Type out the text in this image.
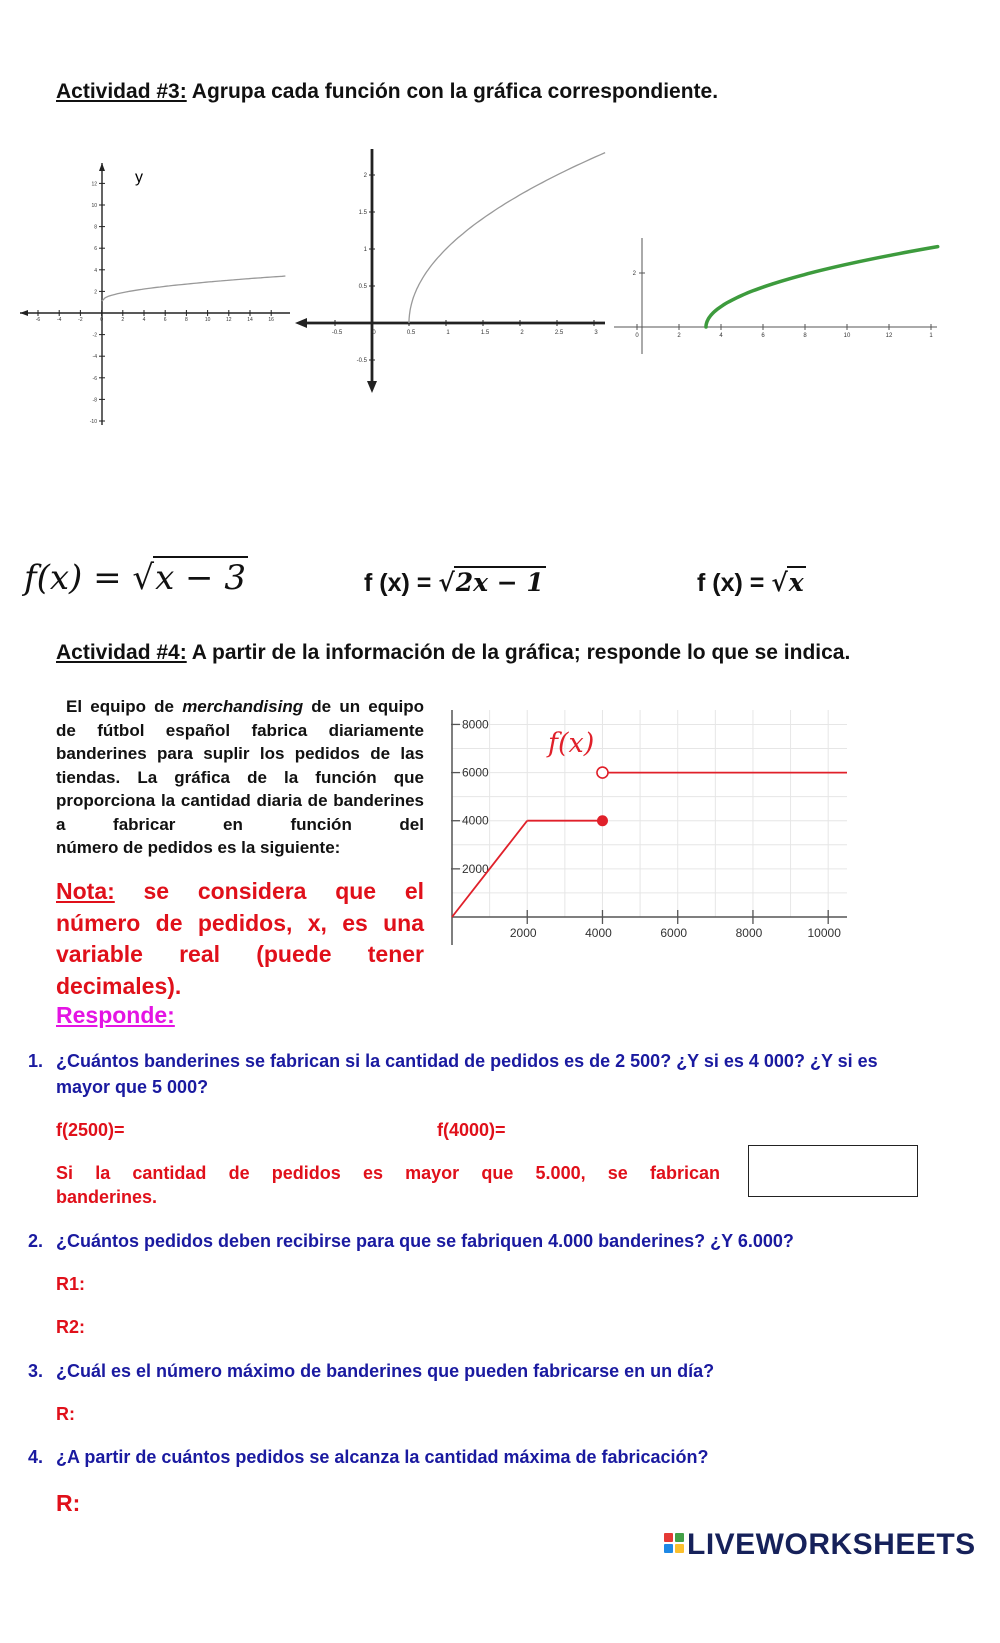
Actividad #3: Agrupa cada función con la gráfica correspondiente.
y
-6	-4	-2	0	2	4	6	8	10	12	14	16
12
10
8
6
4
2
-2
-4
-6
-8
-10
-0.5	0	0.5	1	1.5	2	2.5	3
2
1.5
1
0.5
-0.5
0	2	4	6	8	10	12	1
2
f(x) = √x − 3	f (x) = √2x − 1	f (x) = √x
Actividad #4: A partir de la información de la gráfica; responde lo que se indica.
El equipo de merchandising de un equipo de fútbol español fabrica diariamente banderines para suplir los pedidos de las tiendas. La gráfica de la función que proporciona la cantidad diaria de banderines a fabricar en función del
número de pedidos es la siguiente:
Nota: se considera que el número de pedidos, x, es una variable real (puede tener decimales).
Responde:
2000	4000	6000	8000	10000
8000
6000
4000
2000
f(x)
1. ¿Cuántos banderines se fabrican si la cantidad de pedidos es de 2 500? ¿Y si es 4 000? ¿Y si es mayor que 5 000?
f(2500)=	f(4000)=
Si la cantidad de pedidos es mayor que 5.000, se fabrican
banderines.
2. ¿Cuántos pedidos deben recibirse para que se fabriquen 4.000 banderines? ¿Y 6.000?
R1:
R2:
3. ¿Cuál es el número máximo de banderines que pueden fabricarse en un día?
R:
4. ¿A partir de cuántos pedidos se alcanza la cantidad máxima de fabricación?
R:
LIVEWORKSHEETS
